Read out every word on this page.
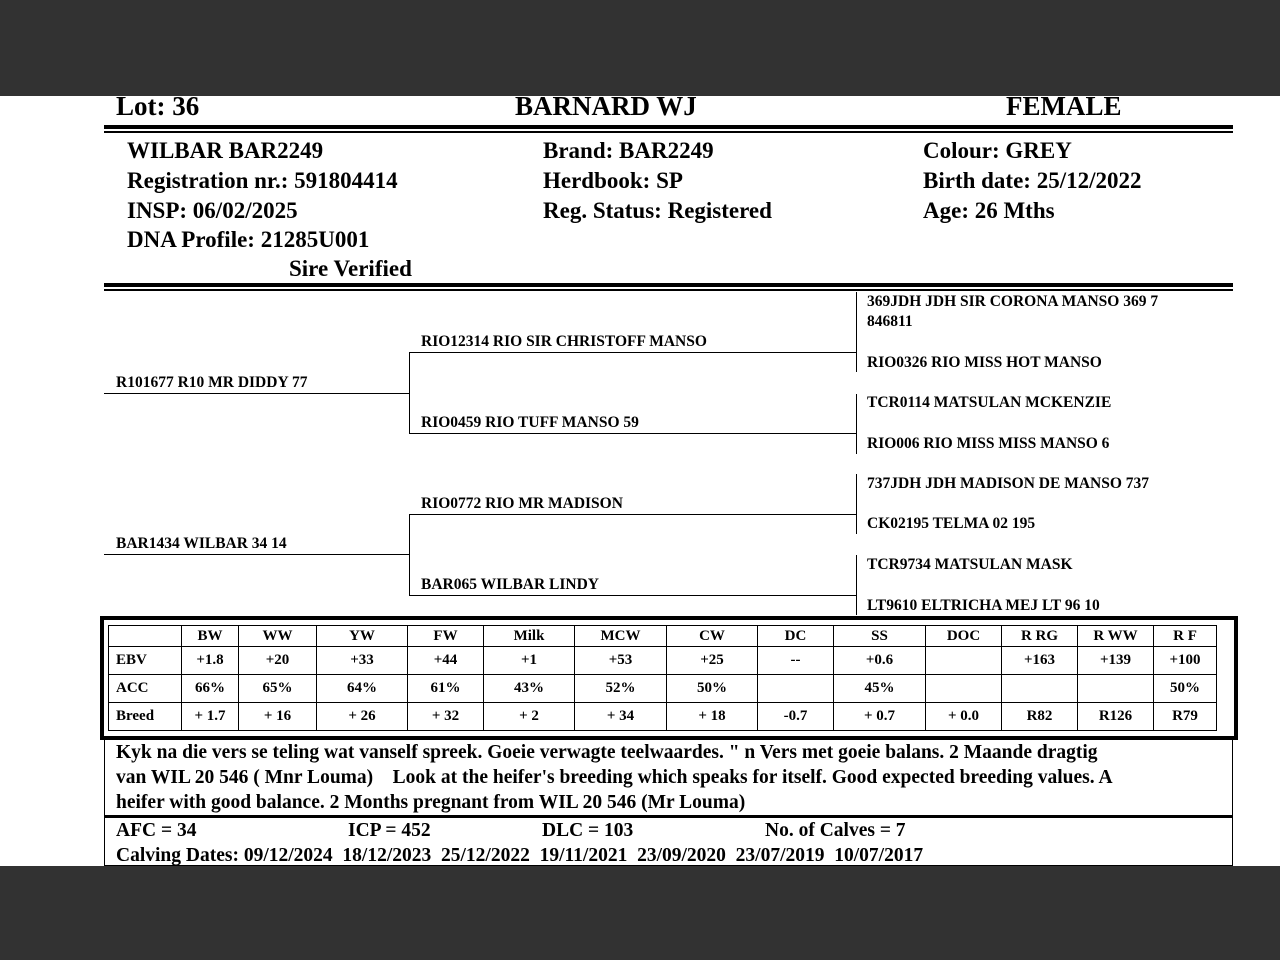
Lot: 36	BARNARD WJ	FEMALE
WILBAR BAR2249
Registration nr.: 591804414
INSP: 06/02/2025
DNA Profile: 21285U001
Sire Verified
Brand: BAR2249
Herdbook: SP
Reg. Status: Registered
Colour: GREY
Birth date: 25/12/2022
Age: 26 Mths
R101677 R10 MR DIDDY 77
BAR1434 WILBAR 34 14
RIO12314 RIO SIR CHRISTOFF MANSO
RIO0459 RIO TUFF MANSO 59
RIO0772 RIO MR MADISON
BAR065 WILBAR LINDY
369JDH JDH SIR CORONA MANSO 369 7
846811
RIO0326 RIO MISS HOT MANSO
TCR0114 MATSULAN MCKENZIE
RIO006 RIO MISS MISS MANSO 6
737JDH JDH MADISON DE MANSO 737
CK02195 TELMA 02 195
TCR9734 MATSULAN MASK
LT9610 ELTRICHA MEJ LT 96 10
	BW	WW	YW	FW	Milk	MCW	CW	DC	SS	DOC	R RG	R WW	R F
EBV	+1.8	+20	+33	+44	+1	+53	+25	--	+0.6		+163	+139	+100
ACC	66%	65%	64%	61%	43%	52%	50%		45%				50%
Breed	+ 1.7	+ 16	+ 26	+ 32	+ 2	+ 34	+ 18	-0.7	+ 0.7	+ 0.0	R82	R126	R79
Kyk na die vers se teling wat vanself spreek. Goeie verwagte teelwaardes. " n Vers met goeie balans. 2 Maande dragtig
van WIL 20 546 ( Mnr Louma)    Look at the heifer's breeding which speaks for itself. Good expected breeding values. A
heifer with good balance. 2 Months pregnant from WIL 20 546 (Mr Louma)
AFC = 34	ICP = 452	DLC = 103	No. of Calves = 7
Calving Dates: 09/12/2024  18/12/2023  25/12/2022  19/11/2021  23/09/2020  23/07/2019  10/07/2017
